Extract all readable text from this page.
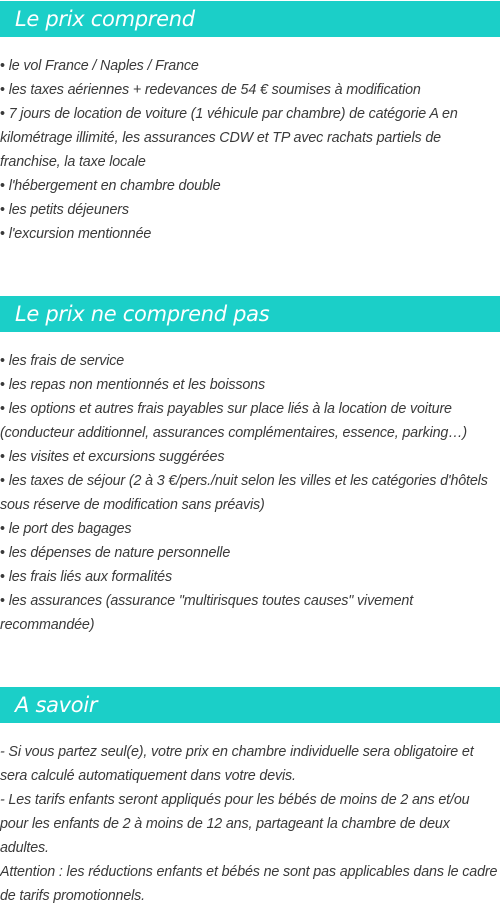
Le prix comprend
• le vol France / Naples / France
• les taxes aériennes + redevances de 54 € soumises à modification
• 7 jours de location de voiture (1 véhicule par chambre) de catégorie A en kilométrage illimité, les assurances CDW et TP avec rachats partiels de franchise, la taxe locale
• l'hébergement en chambre double
• les petits déjeuners
• l'excursion mentionnée
Le prix ne comprend pas
• les frais de service
• les repas non mentionnés et les boissons
• les options et autres frais payables sur place liés à la location de voiture (conducteur additionnel, assurances complémentaires, essence, parking…)
• les visites et excursions suggérées
• les taxes de séjour (2 à 3 €/pers./nuit selon les villes et les catégories d'hôtels sous réserve de modification sans préavis)
• le port des bagages
• les dépenses de nature personnelle
• les frais liés aux formalités
• les assurances (assurance "multirisques toutes causes" vivement recommandée)
A savoir

- Si vous partez seul(e), votre prix en chambre individuelle sera obligatoire et sera calculé automatiquement dans votre devis.

- Les tarifs enfants seront appliqués pour les bébés de moins de 2 ans et/ou pour les enfants de 2 à moins de 12 ans, partageant la chambre de deux adultes.

Attention : les réductions enfants et bébés ne sont pas applicables dans le cadre de tarifs promotionnels.
